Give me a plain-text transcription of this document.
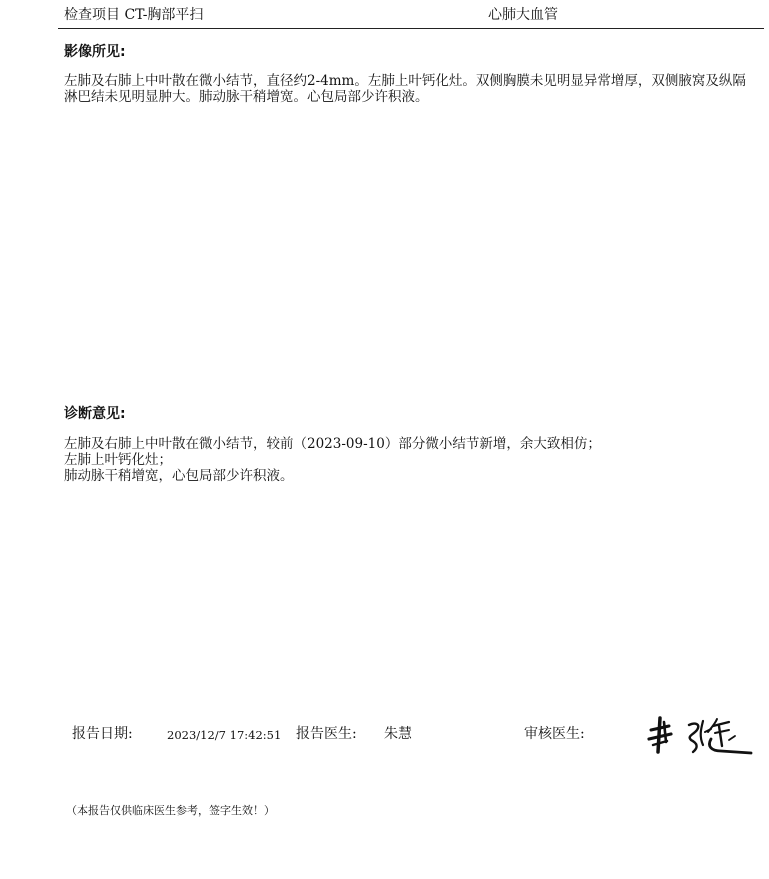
检查项目 CT-胸部平扫	心肺大血管
影像所见:
左肺及右肺上中叶散在微小结节，直径约2-4mm。左肺上叶钙化灶。双侧胸膜未见明显异常增厚，双侧腋窝及纵隔淋巴结未见明显肿大。肺动脉干稍增宽。心包局部少许积液。
诊断意见:
左肺及右肺上中叶散在微小结节，较前（2023-09-10）部分微小结节新增，余大致相仿；
左肺上叶钙化灶；
肺动脉干稍增宽，心包局部少许积液。
报告日期:	2023/12/7 17:42:51 报告医生: 朱慧	审核医生:
（本报告仅供临床医生参考，签字生效！）
